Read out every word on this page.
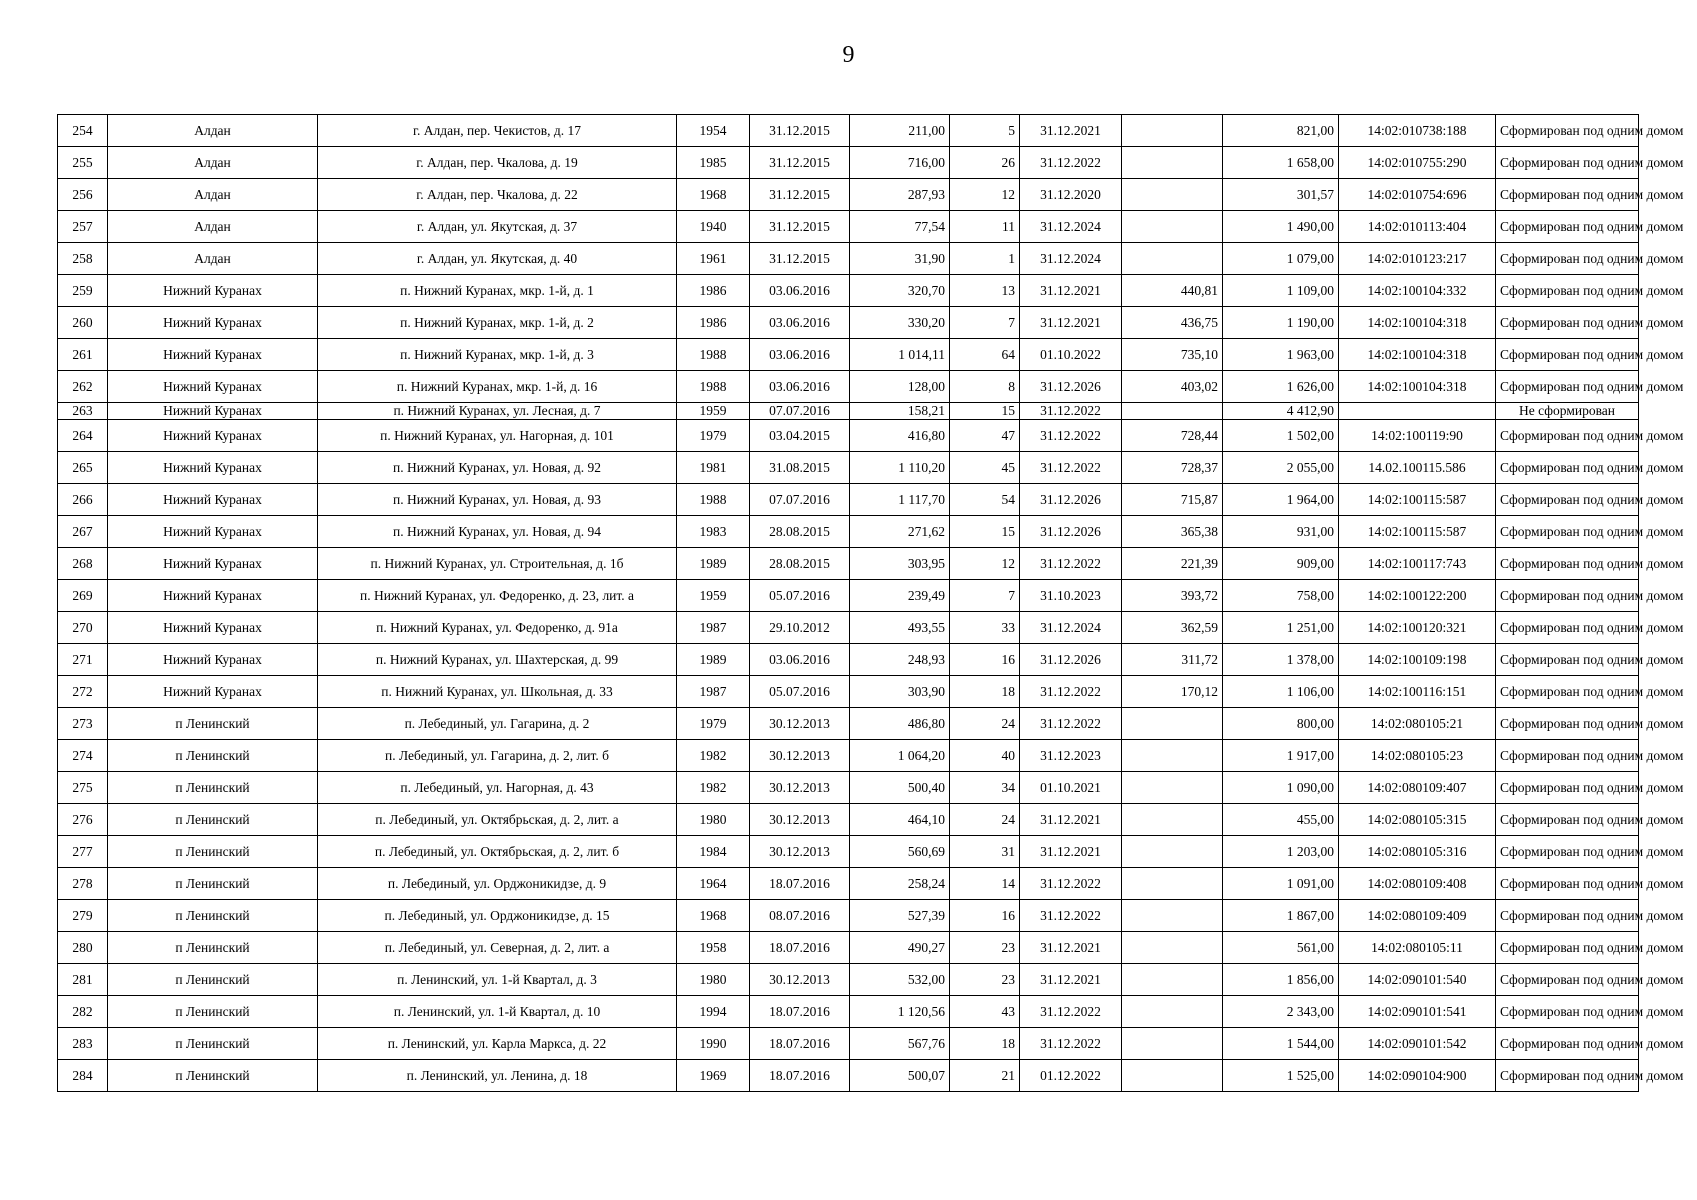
9
254	Алдан	г. Алдан, пер. Чекистов, д. 17	1954	31.12.2015	211,00	5	31.12.2021		821,00	14:02:010738:188	Сформирован под одним домом
255	Алдан	г. Алдан, пер. Чкалова, д. 19	1985	31.12.2015	716,00	26	31.12.2022		1 658,00	14:02:010755:290	Сформирован под одним домом
256	Алдан	г. Алдан, пер. Чкалова, д. 22	1968	31.12.2015	287,93	12	31.12.2020		301,57	14:02:010754:696	Сформирован под одним домом
257	Алдан	г. Алдан, ул. Якутская, д. 37	1940	31.12.2015	77,54	11	31.12.2024		1 490,00	14:02:010113:404	Сформирован под одним домом
258	Алдан	г. Алдан, ул. Якутская, д. 40	1961	31.12.2015	31,90	1	31.12.2024		1 079,00	14:02:010123:217	Сформирован под одним домом
259	Нижний Куранах	п. Нижний Куранах, мкр. 1-й, д. 1	1986	03.06.2016	320,70	13	31.12.2021	440,81	1 109,00	14:02:100104:332	Сформирован под одним домом
260	Нижний Куранах	п. Нижний Куранах, мкр. 1-й, д. 2	1986	03.06.2016	330,20	7	31.12.2021	436,75	1 190,00	14:02:100104:318	Сформирован под одним домом
261	Нижний Куранах	п. Нижний Куранах, мкр. 1-й, д. 3	1988	03.06.2016	1 014,11	64	01.10.2022	735,10	1 963,00	14:02:100104:318	Сформирован под одним домом
262	Нижний Куранах	п. Нижний Куранах, мкр. 1-й, д. 16	1988	03.06.2016	128,00	8	31.12.2026	403,02	1 626,00	14:02:100104:318	Сформирован под одним домом
263	Нижний Куранах	п. Нижний Куранах, ул. Лесная, д. 7	1959	07.07.2016	158,21	15	31.12.2022		4 412,90		Не сформирован
264	Нижний Куранах	п. Нижний Куранах, ул. Нагорная, д. 101	1979	03.04.2015	416,80	47	31.12.2022	728,44	1 502,00	14:02:100119:90	Сформирован под одним домом
265	Нижний Куранах	п. Нижний Куранах, ул. Новая, д. 92	1981	31.08.2015	1 110,20	45	31.12.2022	728,37	2 055,00	14.02.100115.586	Сформирован под одним домом
266	Нижний Куранах	п. Нижний Куранах, ул. Новая, д. 93	1988	07.07.2016	1 117,70	54	31.12.2026	715,87	1 964,00	14:02:100115:587	Сформирован под одним домом
267	Нижний Куранах	п. Нижний Куранах, ул. Новая, д. 94	1983	28.08.2015	271,62	15	31.12.2026	365,38	931,00	14:02:100115:587	Сформирован под одним домом
268	Нижний Куранах	п. Нижний Куранах, ул. Строительная, д. 1б	1989	28.08.2015	303,95	12	31.12.2022	221,39	909,00	14:02:100117:743	Сформирован под одним домом
269	Нижний Куранах	п. Нижний Куранах, ул. Федоренко, д. 23, лит. а	1959	05.07.2016	239,49	7	31.10.2023	393,72	758,00	14:02:100122:200	Сформирован под одним домом
270	Нижний Куранах	п. Нижний Куранах, ул. Федоренко, д. 91а	1987	29.10.2012	493,55	33	31.12.2024	362,59	1 251,00	14:02:100120:321	Сформирован под одним домом
271	Нижний Куранах	п. Нижний Куранах, ул. Шахтерская, д. 99	1989	03.06.2016	248,93	16	31.12.2026	311,72	1 378,00	14:02:100109:198	Сформирован под одним домом
272	Нижний Куранах	п. Нижний Куранах, ул. Школьная, д. 33	1987	05.07.2016	303,90	18	31.12.2022	170,12	1 106,00	14:02:100116:151	Сформирован под одним домом
273	п Ленинский	п. Лебединый, ул. Гагарина, д. 2	1979	30.12.2013	486,80	24	31.12.2022		800,00	14:02:080105:21	Сформирован под одним домом
274	п Ленинский	п. Лебединый, ул. Гагарина, д. 2, лит. б	1982	30.12.2013	1 064,20	40	31.12.2023		1 917,00	14:02:080105:23	Сформирован под одним домом
275	п Ленинский	п. Лебединый, ул. Нагорная, д. 43	1982	30.12.2013	500,40	34	01.10.2021		1 090,00	14:02:080109:407	Сформирован под одним домом
276	п Ленинский	п. Лебединый, ул. Октябрьская, д. 2, лит. а	1980	30.12.2013	464,10	24	31.12.2021		455,00	14:02:080105:315	Сформирован под одним домом
277	п Ленинский	п. Лебединый, ул. Октябрьская, д. 2, лит. б	1984	30.12.2013	560,69	31	31.12.2021		1 203,00	14:02:080105:316	Сформирован под одним домом
278	п Ленинский	п. Лебединый, ул. Орджоникидзе, д. 9	1964	18.07.2016	258,24	14	31.12.2022		1 091,00	14:02:080109:408	Сформирован под одним домом
279	п Ленинский	п. Лебединый, ул. Орджоникидзе, д. 15	1968	08.07.2016	527,39	16	31.12.2022		1 867,00	14:02:080109:409	Сформирован под одним домом
280	п Ленинский	п. Лебединый, ул. Северная, д. 2, лит. а	1958	18.07.2016	490,27	23	31.12.2021		561,00	14:02:080105:11	Сформирован под одним домом
281	п Ленинский	п. Ленинский, ул. 1-й Квартал, д. 3	1980	30.12.2013	532,00	23	31.12.2021		1 856,00	14:02:090101:540	Сформирован под одним домом
282	п Ленинский	п. Ленинский, ул. 1-й Квартал, д. 10	1994	18.07.2016	1 120,56	43	31.12.2022		2 343,00	14:02:090101:541	Сформирован под одним домом
283	п Ленинский	п. Ленинский, ул. Карла Маркса, д. 22	1990	18.07.2016	567,76	18	31.12.2022		1 544,00	14:02:090101:542	Сформирован под одним домом
284	п Ленинский	п. Ленинский, ул. Ленина, д. 18	1969	18.07.2016	500,07	21	01.12.2022		1 525,00	14:02:090104:900	Сформирован под одним домом
